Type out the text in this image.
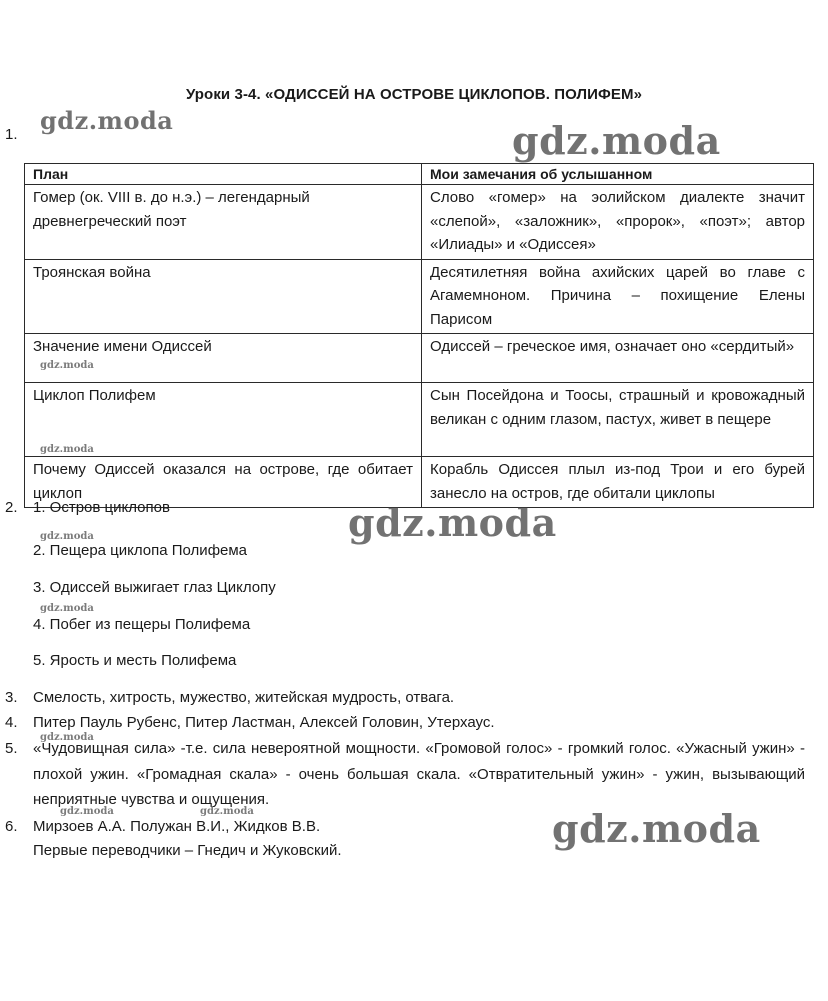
Уроки 3-4. «ОДИССЕЙ НА ОСТРОВЕ ЦИКЛОПОВ. ПОЛИФЕМ»
1.
План	Мои замечания об услышанном
Гомер (ок. VIII в. до н.э.) – легендарный древнегреческий поэт	Слово «гомер» на эолийском диалекте значит «слепой», «заложник», «пророк», «поэт»; автор «Илиады» и «Одиссея»
Троянская война	Десятилетняя война ахийских царей во главе с Агамемноном. Причина – похищение Елены Парисом
Значение имени Одиссей	Одиссей – греческое имя, означает оно «сердитый»
Циклоп Полифем	Сын Посейдона и Тоосы, страшный и кровожадный великан с одним глазом, пастух, живет в пещере
Почему Одиссей оказался на острове, где обитает циклоп	Корабль Одиссея плыл из-под Трои и его бурей занесло на остров, где обитали циклопы
2. 1. Остров циклопов
2. Пещера циклопа Полифема
3. Одиссей выжигает глаз Циклопу
4. Побег из пещеры Полифема
5. Ярость и месть Полифема
3. Смелость, хитрость, мужество, житейская мудрость, отвага.
4. Питер Пауль Рубенс, Питер Ластман, Алексей Головин, Утерхаус.
5. «Чудовищная сила» -т.е. сила невероятной мощности. «Громовой голос» - громкий голос. «Ужасный ужин» - плохой ужин. «Громадная скала» - очень большая скала. «Отвратительный ужин» - ужин, вызывающий неприятные чувства и ощущения.
6. Мирзоев А.А. Полужан В.И., Жидков В.В.
Первые переводчики – Гнедич и Жуковский.
gdz.moda	gdz.moda
gdz.moda
gdz.moda
gdz.moda
gdz.moda
gdz.moda
gdz.moda
gdz.moda	gdz.moda	gdz.moda
